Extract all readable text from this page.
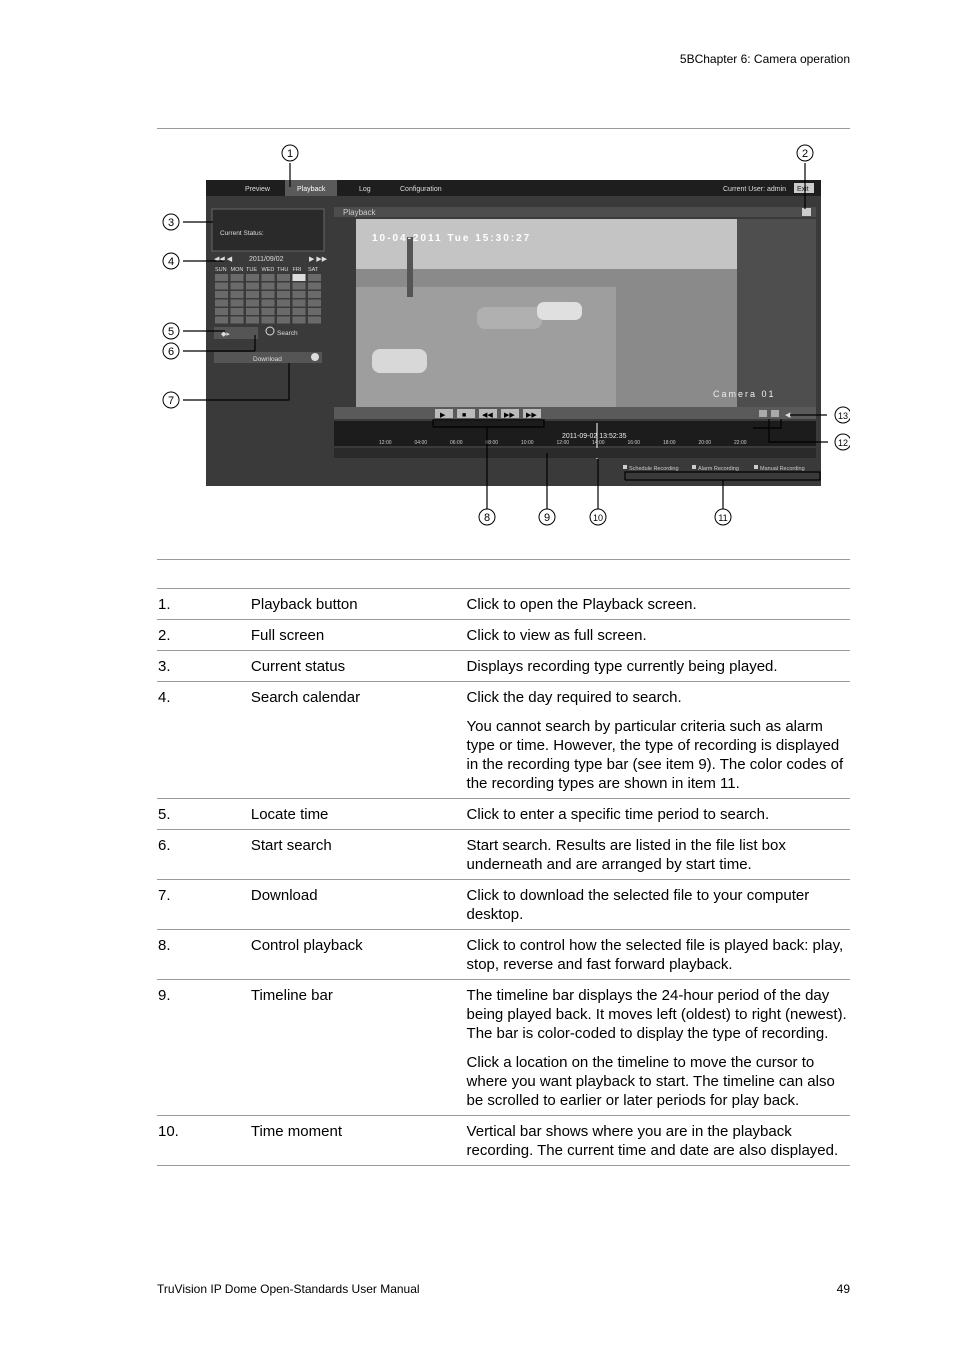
5BChapter 6: Camera operation
Preview	Playback	Log	Configuration	Current User: admin Exit
Current Status:
2011/09/02
◀◀ ◀	▶ ▶▶
SUN MON TUE WED THU FRI SAT
◆▸	Search
Download
Playback
10-04-2011 Tue 15:30:27
Camera 01
▶ ■ ◀◀ ▶▶ ▶▶	◀
2011-09-02 13:52:35
12:00	04:00	06:00	08:00	10:00	12:00	14:00	16:00	18:00	20:00	22:00
Schedule Recording	Alarm Recording	Manual Recording
1	2
3
4
5
6
7
8	9	10	11
12
13
1.	Playback button	Click to open the Playback screen.

2.	Full screen	Click to view as full screen.

3.	Current status	Displays recording type currently being played.

4.	Search calendar	Click the day required to search.

You cannot search by particular criteria such as alarm type or time. However, the type of recording is displayed in the recording type bar (see item 9). The color codes of the recording types are shown in item 11.

5.	Locate time	Click to enter a specific time period to search.

6.	Start search	Start search. Results are listed in the file list box underneath and are arranged by start time.

7.	Download	Click to download the selected file to your computer desktop.

8.	Control playback	Click to control how the selected file is played back: play, stop, reverse and fast forward playback.

9.	Timeline bar	The timeline bar displays the 24-hour period of the day being played back. It moves left (oldest) to right (newest). The bar is color-coded to display the type of recording.

Click a location on the timeline to move the cursor to where you want playback to start. The timeline can also be scrolled to earlier or later periods for play back.

10.	Time moment	Vertical bar shows where you are in the playback recording. The current time and date are also displayed.

TruVision IP Dome Open-Standards User Manual	49
